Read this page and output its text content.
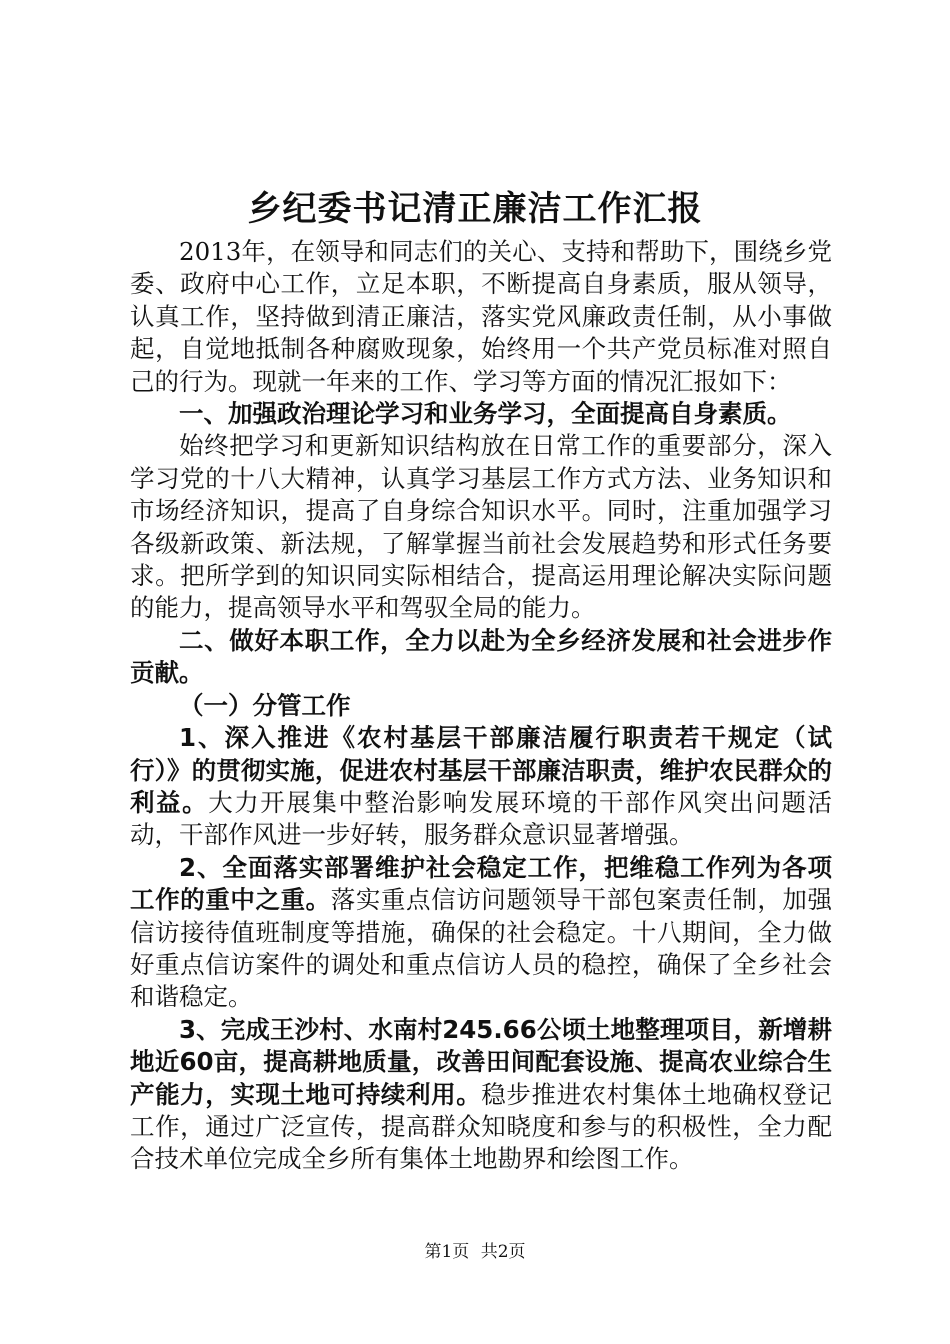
乡纪委书记清正廉洁工作汇报

2013年，在领导和同志们的关心、支持和帮助下，围绕乡党委、政府中心工作，立足本职，不断提高自身素质，服从领导，认真工作，坚持做到清正廉洁，落实党风廉政责任制，从小事做起，自觉地抵制各种腐败现象，始终用一个共产党员标准对照自己的行为。现就一年来的工作、学习等方面的情况汇报如下：

一、加强政治理论学习和业务学习，全面提高自身素质。

始终把学习和更新知识结构放在日常工作的重要部分，深入学习党的十八大精神，认真学习基层工作方式方法、业务知识和市场经济知识，提高了自身综合知识水平。同时，注重加强学习各级新政策、新法规，了解掌握当前社会发展趋势和形式任务要求。把所学到的知识同实际相结合，提高运用理论解决实际问题的能力，提高领导水平和驾驭全局的能力。

二、做好本职工作，全力以赴为全乡经济发展和社会进步作贡献。

（一）分管工作

1、深入推进《农村基层干部廉洁履行职责若干规定（试行）》的贯彻实施，促进农村基层干部廉洁职责，维护农民群众的利益。大力开展集中整治影响发展环境的干部作风突出问题活动，干部作风进一步好转，服务群众意识显著增强。

2、全面落实部署维护社会稳定工作，把维稳工作列为各项工作的重中之重。落实重点信访问题领导干部包案责任制，加强信访接待值班制度等措施，确保的社会稳定。十八期间，全力做好重点信访案件的调处和重点信访人员的稳控，确保了全乡社会和谐稳定。

3、完成王沙村、水南村245.66公顷土地整理项目，新增耕地近60亩，提高耕地质量，改善田间配套设施、提高农业综合生产能力，实现土地可持续利用。稳步推进农村集体土地确权登记工作，通过广泛宣传，提高群众知晓度和参与的积极性，全力配合技术单位完成全乡所有集体土地勘界和绘图工作。

第1页 共2页
